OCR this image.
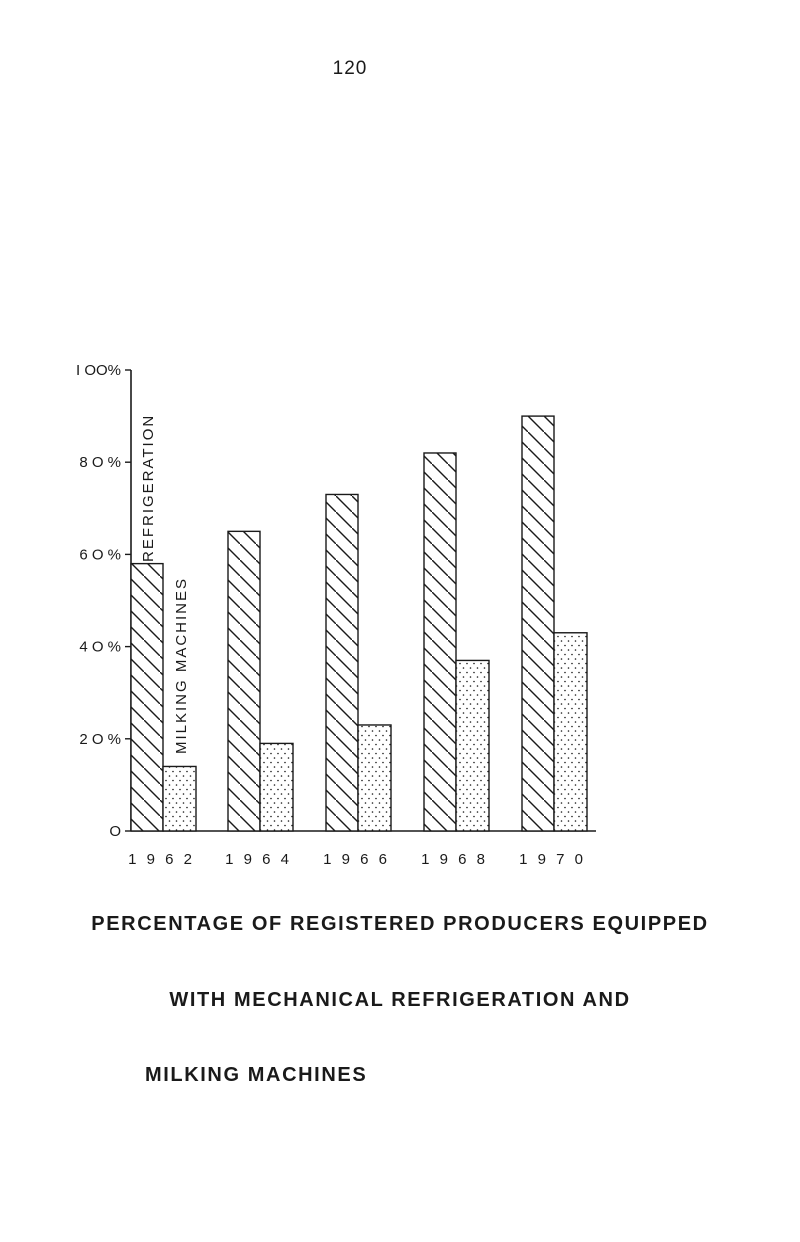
120
O
2 O %
4 O %
6 O %
8 O %
I OO%
REFRIGERATION
MILKING MACHINES
1 9 6 2 1 9 6 4 1 9 6 6 1 9 6 8 1 9 7 0
PERCENTAGE OF REGISTERED PRODUCERS EQUIPPED
WITH MECHANICAL REFRIGERATION AND
MILKING MACHINES
